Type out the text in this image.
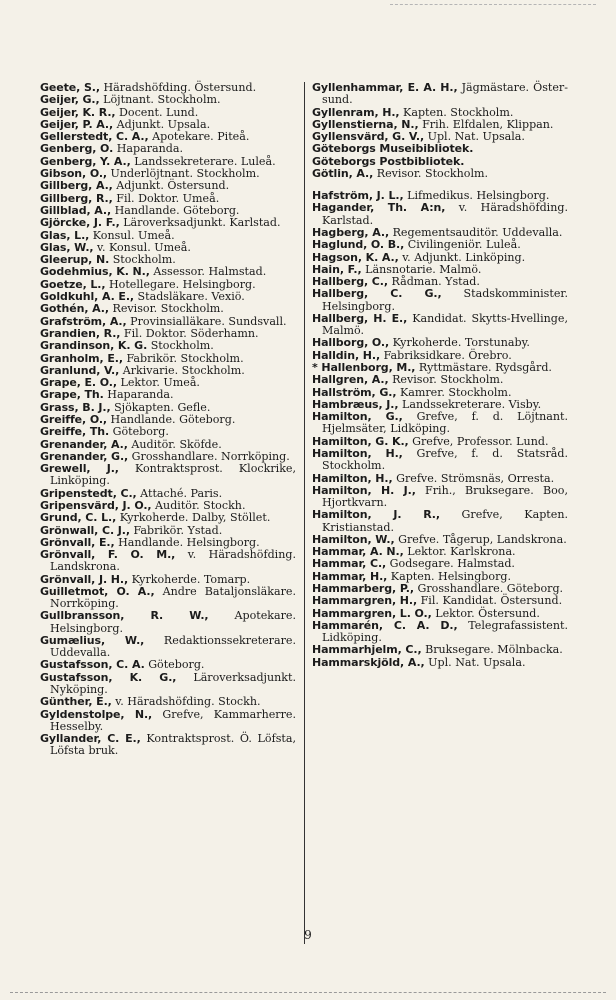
Geete, S., Häradshöfding. Östersund.
Geijer, G., Löjtnant. Stockholm.
Geijer, K. R., Docent. Lund.
Geijer, P. A., Adjunkt. Upsala.
Gellerstedt, C. A., Apotekare. Piteå.
Genberg, O. Haparanda.
Genberg, Y. A., Landssekreterare. Luleå.
Gibson, O., Underlöjtnant. Stockholm.
Gillberg, A., Adjunkt. Östersund.
Gillberg, R., Fil. Doktor. Umeå.
Gillblad, A., Handlande. Göteborg.
Gjörcke, J. F., Läroverksadjunkt. Karlstad.
Glas, L., Konsul. Umeå.
Glas, W., v. Konsul. Umeå.
Gleerup, N. Stockholm.
Godehmius, K. N., Assessor. Halmstad.
Goetze, L., Hotellegare. Helsingborg.
Goldkuhl, A. E., Stadsläkare. Vexiö.
Gothén, A., Revisor. Stockholm.
Grafström, A., Provinsialläkare. Sundsvall.
Grandien, R., Fil. Doktor. Söderhamn.
Grandinson, K. G. Stockholm.
Granholm, E., Fabrikör. Stockholm.
Granlund, V., Arkivarie. Stockholm.
Grape, E. O., Lektor. Umeå.
Grape, Th. Haparanda.
Grass, B. J., Sjökapten. Gefle.
Greiffe, O., Handlande. Göteborg.
Greiffe, Th. Göteborg.
Grenander, A., Auditör. Sköfde.
Grenander, G., Grosshandlare. Norrköping.
Grewell, J., Kontraktsprost. Klockrike, Linköping.
Gripenstedt, C., Attaché. Paris.
Gripensvärd, J. O., Auditör. Stockh.
Grund, C. L., Kyrkoherde. Dalby, Stöllet.
Grönwall, C. J., Fabrikör. Ystad.
Grönvall, E., Handlande. Helsingborg.
Grönvall, F. O. M., v. Häradshöfding. Landskrona.
Grönvall, J. H., Kyrkoherde. Tomarp.
Guilletmot, O. A., Andre Bataljonsläkare. Norrköping.
Gullbransson, R. W., Apotekare. Helsingborg.
Gumælius, W., Redaktionssekreterare. Uddevalla.
Gustafsson, C. A. Göteborg.
Gustafsson, K. G., Läroverksadjunkt. Nyköping.
Günther, E., v. Häradshöfding. Stockh.
Gyldenstolpe, N., Grefve, Kammarherre. Hesselby.
Gyllander, C. E., Kontraktsprost. Ö. Löfsta, Löfsta bruk.
Gyllenhammar, E. A. H., Jägmästare. Öster-sund.
Gyllenram, H., Kapten. Stockholm.
Gyllenstierna, N., Frih. Elfdalen, Klippan.
Gyllensvärd, G. V., Upl. Nat. Upsala.
Göteborgs Museibibliotek.
Göteborgs Postbibliotek.
Götlin, A., Revisor. Stockholm.
Hafström, J. L., Lifmedikus. Helsingborg.
Hagander, Th. A:n, v. Häradshöfding. Karlstad.
Hagberg, A., Regementsauditör. Uddevalla.
Haglund, O. B., Civilingeniör. Luleå.
Hagson, K. A., v. Adjunkt. Linköping.
Hain, F., Länsnotarie. Malmö.
Hallberg, C., Rådman. Ystad.
Hallberg, C. G., Stadskomminister. Helsingborg.
Hallberg, H. E., Kandidat. Skytts-Hvellinge, Malmö.
Hallborg, O., Kyrkoherde. Torstunaby.
Halldin, H., Fabriksidkare. Örebro.
* Hallenborg, M., Ryttmästare. Rydsgård.
Hallgren, A., Revisor. Stockholm.
Hallström, G., Kamrer. Stockholm.
Hambræus, J., Landssekreterare. Visby.
Hamilton, G., Grefve, f. d. Löjtnant. Hjelmsäter, Lidköping.
Hamilton, G. K., Grefve, Professor. Lund.
Hamilton, H., Grefve, f. d. Statsråd. Stockholm.
Hamilton, H., Grefve. Strömsnäs, Orresta.
Hamilton, H. J., Frih., Bruksegare. Boo, Hjortkvarn.
Hamilton, J. R., Grefve, Kapten. Kristianstad.
Hamilton, W., Grefve. Tågerup, Landskrona.
Hammar, A. N., Lektor. Karlskrona.
Hammar, C., Godsegare. Halmstad.
Hammar, H., Kapten. Helsingborg.
Hammarberg, P., Grosshandlare. Göteborg.
Hammargren, H., Fil. Kandidat. Östersund.
Hammargren, L. O., Lektor. Östersund.
Hammarén, C. A. D., Telegrafassistent. Lidköping.
Hammarhjelm, C., Bruksegare. Mölnbacka.
Hammarskjöld, A., Upl. Nat. Upsala.
9
